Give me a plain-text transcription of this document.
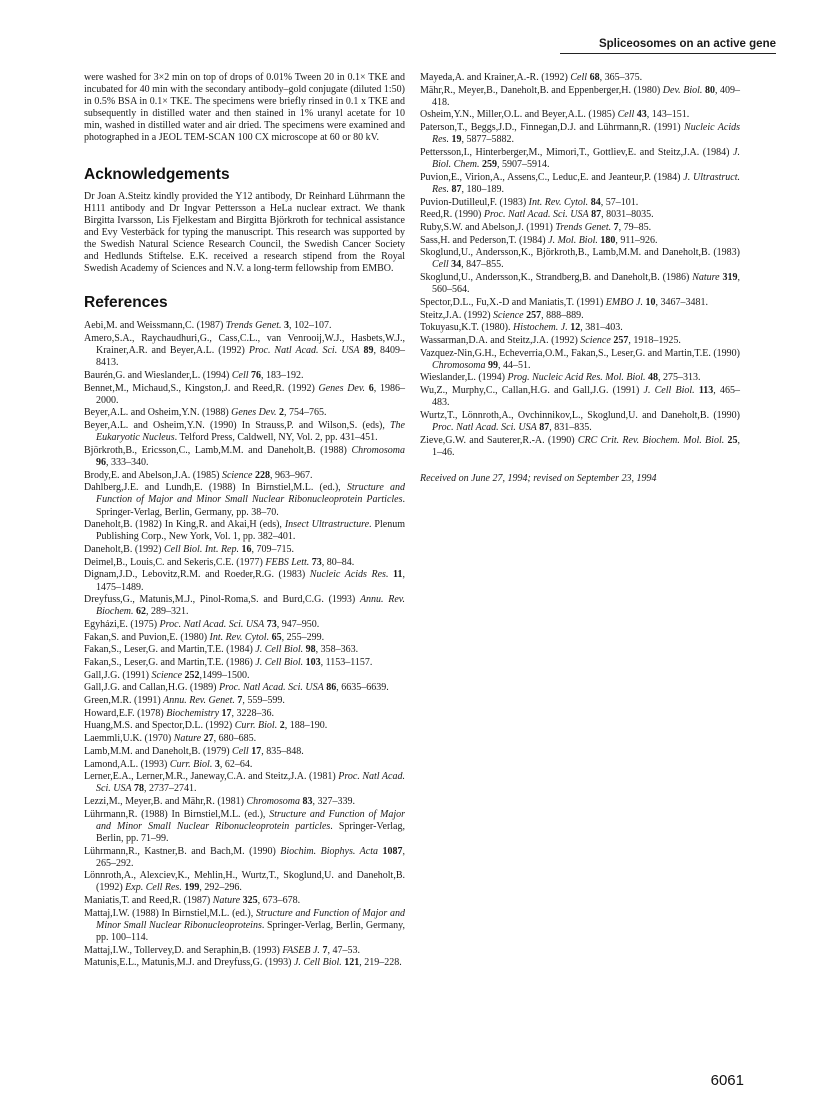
Spliceosomes on an active gene

were washed for 3×2 min on top of drops of 0.01% Tween 20 in 0.1× TKE and incubated for 40 min with the secondary antibody–gold conjugate (diluted 1:50) in 0.5% BSA in 0.1× TKE. The specimens were briefly rinsed in 0.1 x TKE and subsequently in distilled water and then stained in 1% uranyl acetate for 10 min, washed in distilled water and air dried. The specimens were examined and photographed in a JEOL TEM-SCAN 100 CX microscope at 60 or 80 kV.

Acknowledgements

Dr Joan A.Steitz kindly provided the Y12 antibody, Dr Reinhard Lührmann the H111 antibody and Dr Ingvar Pettersson a HeLa nuclear extract. We thank Birgitta Ivarsson, Lis Fjelkestam and Birgitta Björkroth for technical assistance and Evy Vesterbäck for typing the manuscript. This research was supported by the Swedish Natural Science Research Council, the Swedish Cancer Society and Hedlunds Stiftelse. E.K. received a research stipend from the Royal Swedish Academy of Sciences and N.V. a long-term fellowship from EMBO.

References

Aebi,M. and Weissmann,C. (1987) Trends Genet. 3, 102–107.

Amero,S.A., Raychaudhuri,G., Cass,C.L., van Venrooij,W.J., Hasbets,W.J., Krainer,A.R. and Beyer,A.L. (1992) Proc. Natl Acad. Sci. USA 89, 8409–8413.

Baurén,G. and Wieslander,L. (1994) Cell 76, 183–192.

Bennet,M., Michaud,S., Kingston,J. and Reed,R. (1992) Genes Dev. 6, 1986–2000.

Beyer,A.L. and Osheim,Y.N. (1988) Genes Dev. 2, 754–765.

Beyer,A.L. and Osheim,Y.N. (1990) In Strauss,P. and Wilson,S. (eds), The Eukaryotic Nucleus. Telford Press, Caldwell, NY, Vol. 2, pp. 431–451.

Björkroth,B., Ericsson,C., Lamb,M.M. and Daneholt,B. (1988) Chromosoma 96, 333–340.

Brody,E. and Abelson,J.A. (1985) Science 228, 963–967.

Dahlberg,J.E. and Lundh,E. (1988) In Birnstiel,M.L. (ed.), Structure and Function of Major and Minor Small Nuclear Ribonucleoprotein Particles. Springer-Verlag, Berlin, Germany, pp. 38–70.

Daneholt,B. (1982) In King,R. and Akai,H (eds), Insect Ultrastructure. Plenum Publishing Corp., New York, Vol. 1, pp. 382–401.

Daneholt,B. (1992) Cell Biol. Int. Rep. 16, 709–715.

Deimel,B., Louis,C. and Sekeris,C.E. (1977) FEBS Lett. 73, 80–84.

Dignam,J.D., Lebovitz,R.M. and Roeder,R.G. (1983) Nucleic Acids Res. 11, 1475–1489.

Dreyfuss,G., Matunis,M.J., Pinol-Roma,S. and Burd,C.G. (1993) Annu. Rev. Biochem. 62, 289–321.

Egyházi,E. (1975) Proc. Natl Acad. Sci. USA 73, 947–950.

Fakan,S. and Puvion,E. (1980) Int. Rev. Cytol. 65, 255–299.

Fakan,S., Leser,G. and Martin,T.E. (1984) J. Cell Biol. 98, 358–363.

Fakan,S., Leser,G. and Martin,T.E. (1986) J. Cell Biol. 103, 1153–1157.

Gall,J.G. (1991) Science 252,1499–1500.

Gall,J.G. and Callan,H.G. (1989) Proc. Natl Acad. Sci. USA 86, 6635–6639.

Green,M.R. (1991) Annu. Rev. Genet. 7, 559–599.

Howard,E.F. (1978) Biochemistry 17, 3228–36.

Huang,M.S. and Spector,D.L. (1992) Curr. Biol. 2, 188–190.

Laemmli,U.K. (1970) Nature 27, 680–685.

Lamb,M.M. and Daneholt,B. (1979) Cell 17, 835–848.

Lamond,A.L. (1993) Curr. Biol. 3, 62–64.

Lerner,E.A., Lerner,M.R., Janeway,C.A. and Steitz,J.A. (1981) Proc. Natl Acad. Sci. USA 78, 2737–2741.

Lezzi,M., Meyer,B. and Mähr,R. (1981) Chromosoma 83, 327–339.

Lührmann,R. (1988) In Birnstiel,M.L. (ed.), Structure and Function of Major and Minor Small Nuclear Ribonucleoprotein particles. Springer-Verlag, Berlin, pp. 71–99.

Lührmann,R., Kastner,B. and Bach,M. (1990) Biochim. Biophys. Acta 1087, 265–292.

Lönnroth,A., Alexciev,K., Mehlin,H., Wurtz,T., Skoglund,U. and Daneholt,B. (1992) Exp. Cell Res. 199, 292–296.

Maniatis,T. and Reed,R. (1987) Nature 325, 673–678.

Mattaj,I.W. (1988) In Birnstiel,M.L. (ed.), Structure and Function of Major and Minor Small Nuclear Ribonucleoproteins. Springer-Verlag, Berlin, Germany, pp. 100–114.

Mattaj,I.W., Tollervey,D. and Seraphin,B. (1993) FASEB J. 7, 47–53.

Matunis,E.L., Matunis,M.J. and Dreyfuss,G. (1993) J. Cell Biol. 121, 219–228.

Mayeda,A. and Krainer,A.-R. (1992) Cell 68, 365–375.

Mähr,R., Meyer,B., Daneholt,B. and Eppenberger,H. (1980) Dev. Biol. 80, 409–418.

Osheim,Y.N., Miller,O.L. and Beyer,A.L. (1985) Cell 43, 143–151.

Paterson,T., Beggs,J.D., Finnegan,D.J. and Lührmann,R. (1991) Nucleic Acids Res. 19, 5877–5882.

Pettersson,I., Hinterberger,M., Mimori,T., Gottliev,E. and Steitz,J.A. (1984) J. Biol. Chem. 259, 5907–5914.

Puvion,E., Virion,A., Assens,C., Leduc,E. and Jeanteur,P. (1984) J. Ultrastruct. Res. 87, 180–189.

Puvion-Dutilleul,F. (1983) Int. Rev. Cytol. 84, 57–101.

Reed,R. (1990) Proc. Natl Acad. Sci. USA 87, 8031–8035.

Ruby,S.W. and Abelson,J. (1991) Trends Genet. 7, 79–85.

Sass,H. and Pederson,T. (1984) J. Mol. Biol. 180, 911–926.

Skoglund,U., Andersson,K., Björkroth,B., Lamb,M.M. and Daneholt,B. (1983) Cell 34, 847–855.

Skoglund,U., Andersson,K., Strandberg,B. and Daneholt,B. (1986) Nature 319, 560–564.

Spector,D.L., Fu,X.-D and Maniatis,T. (1991) EMBO J. 10, 3467–3481.

Steitz,J.A. (1992) Science 257, 888–889.

Tokuyasu,K.T. (1980). Histochem. J. 12, 381–403.

Wassarman,D.A. and Steitz,J.A. (1992) Science 257, 1918–1925.

Vazquez-Nin,G.H., Echeverria,O.M., Fakan,S., Leser,G. and Martin,T.E. (1990) Chromosoma 99, 44–51.

Wieslander,L. (1994) Prog. Nucleic Acid Res. Mol. Biol. 48, 275–313.

Wu,Z., Murphy,C., Callan,H.G. and Gall,J.G. (1991) J. Cell Biol. 113, 465–483.

Wurtz,T., Lönnroth,A., Ovchinnikov,L., Skoglund,U. and Daneholt,B. (1990) Proc. Natl Acad. Sci. USA 87, 831–835.

Zieve,G.W. and Sauterer,R.-A. (1990) CRC Crit. Rev. Biochem. Mol. Biol. 25, 1–46.

Received on June 27, 1994; revised on September 23, 1994

6061
